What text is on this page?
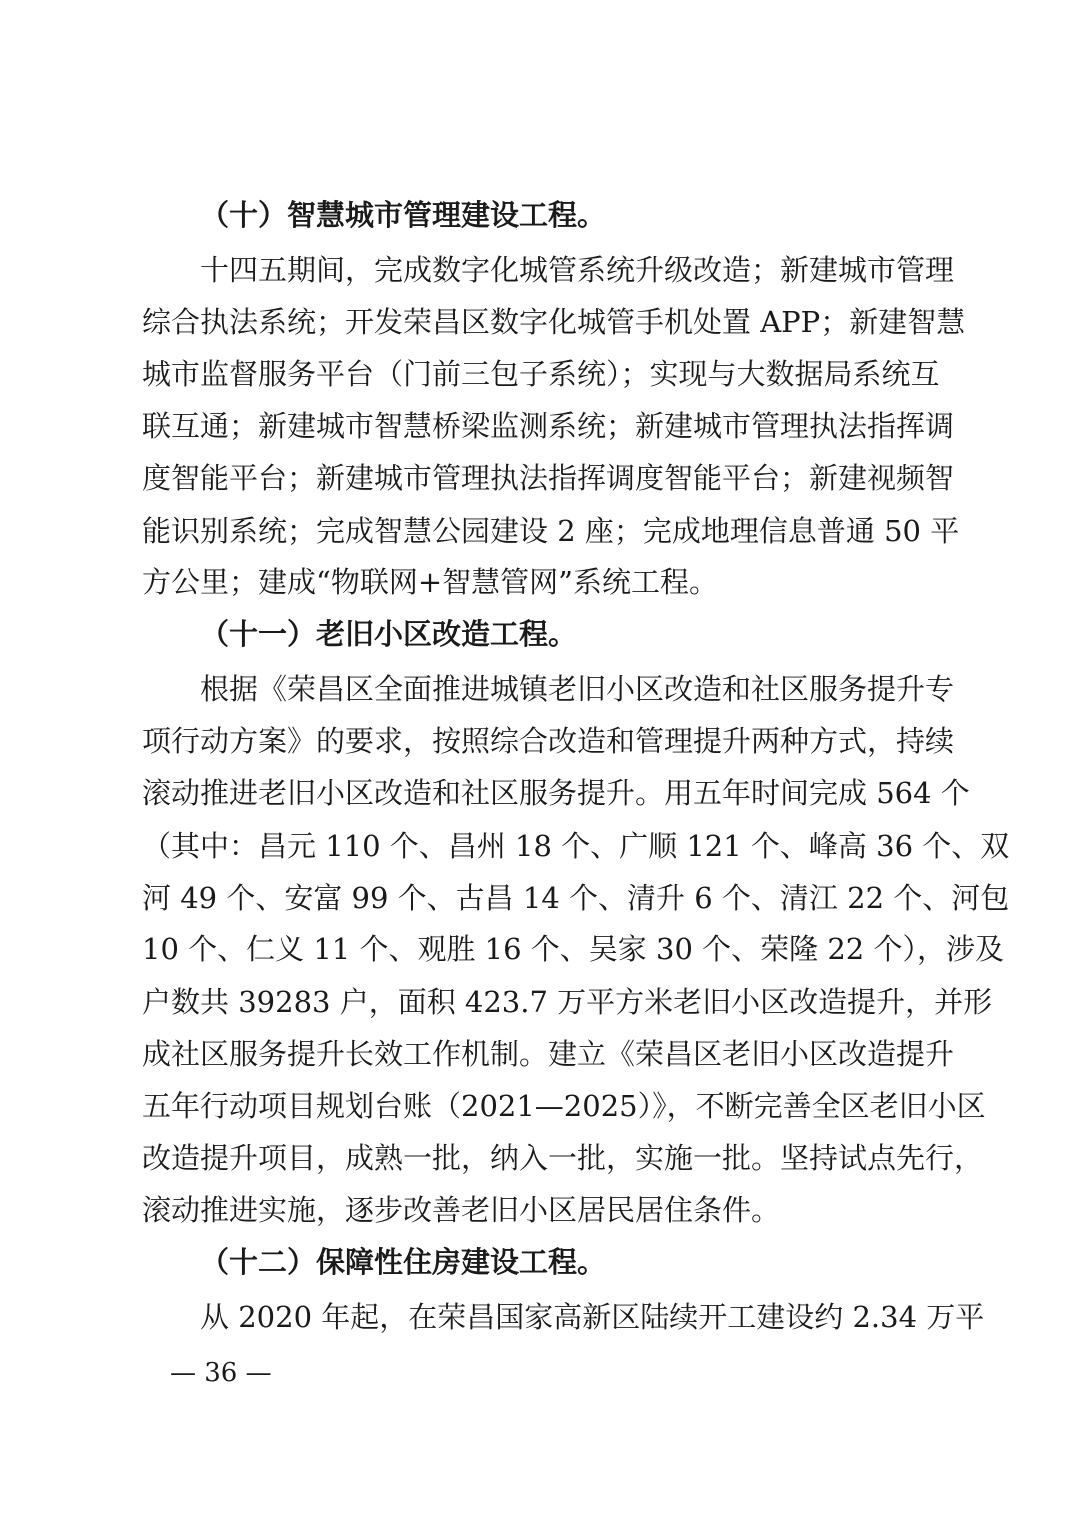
（十）智慧城市管理建设工程。
十四五期间，完成数字化城管系统升级改造；新建城市管理
综合执法系统；开发荣昌区数字化城管手机处置 APP；新建智慧
城市监督服务平台（门前三包子系统）；实现与大数据局系统互
联互通；新建城市智慧桥梁监测系统；新建城市管理执法指挥调
度智能平台；新建城市管理执法指挥调度智能平台；新建视频智
能识别系统；完成智慧公园建设 2 座；完成地理信息普通 50 平
方公里；建成“物联网+智慧管网”系统工程。
（十一）老旧小区改造工程。
根据《荣昌区全面推进城镇老旧小区改造和社区服务提升专
项行动方案》的要求，按照综合改造和管理提升两种方式，持续
滚动推进老旧小区改造和社区服务提升。用五年时间完成 564 个
（其中：昌元 110 个、昌州 18 个、广顺 121 个、峰高 36 个、双
河 49 个、安富 99 个、古昌 14 个、清升 6 个、清江 22 个、河包
10 个、仁义 11 个、观胜 16 个、吴家 30 个、荣隆 22 个），涉及
户数共 39283 户，面积 423.7 万平方米老旧小区改造提升，并形
成社区服务提升长效工作机制。建立《荣昌区老旧小区改造提升
五年行动项目规划台账（2021—2025）》，不断完善全区老旧小区
改造提升项目，成熟一批，纳入一批，实施一批。坚持试点先行，
滚动推进实施，逐步改善老旧小区居民居住条件。
（十二）保障性住房建设工程。
从 2020 年起，在荣昌国家高新区陆续开工建设约 2.34 万平
— 36 —
